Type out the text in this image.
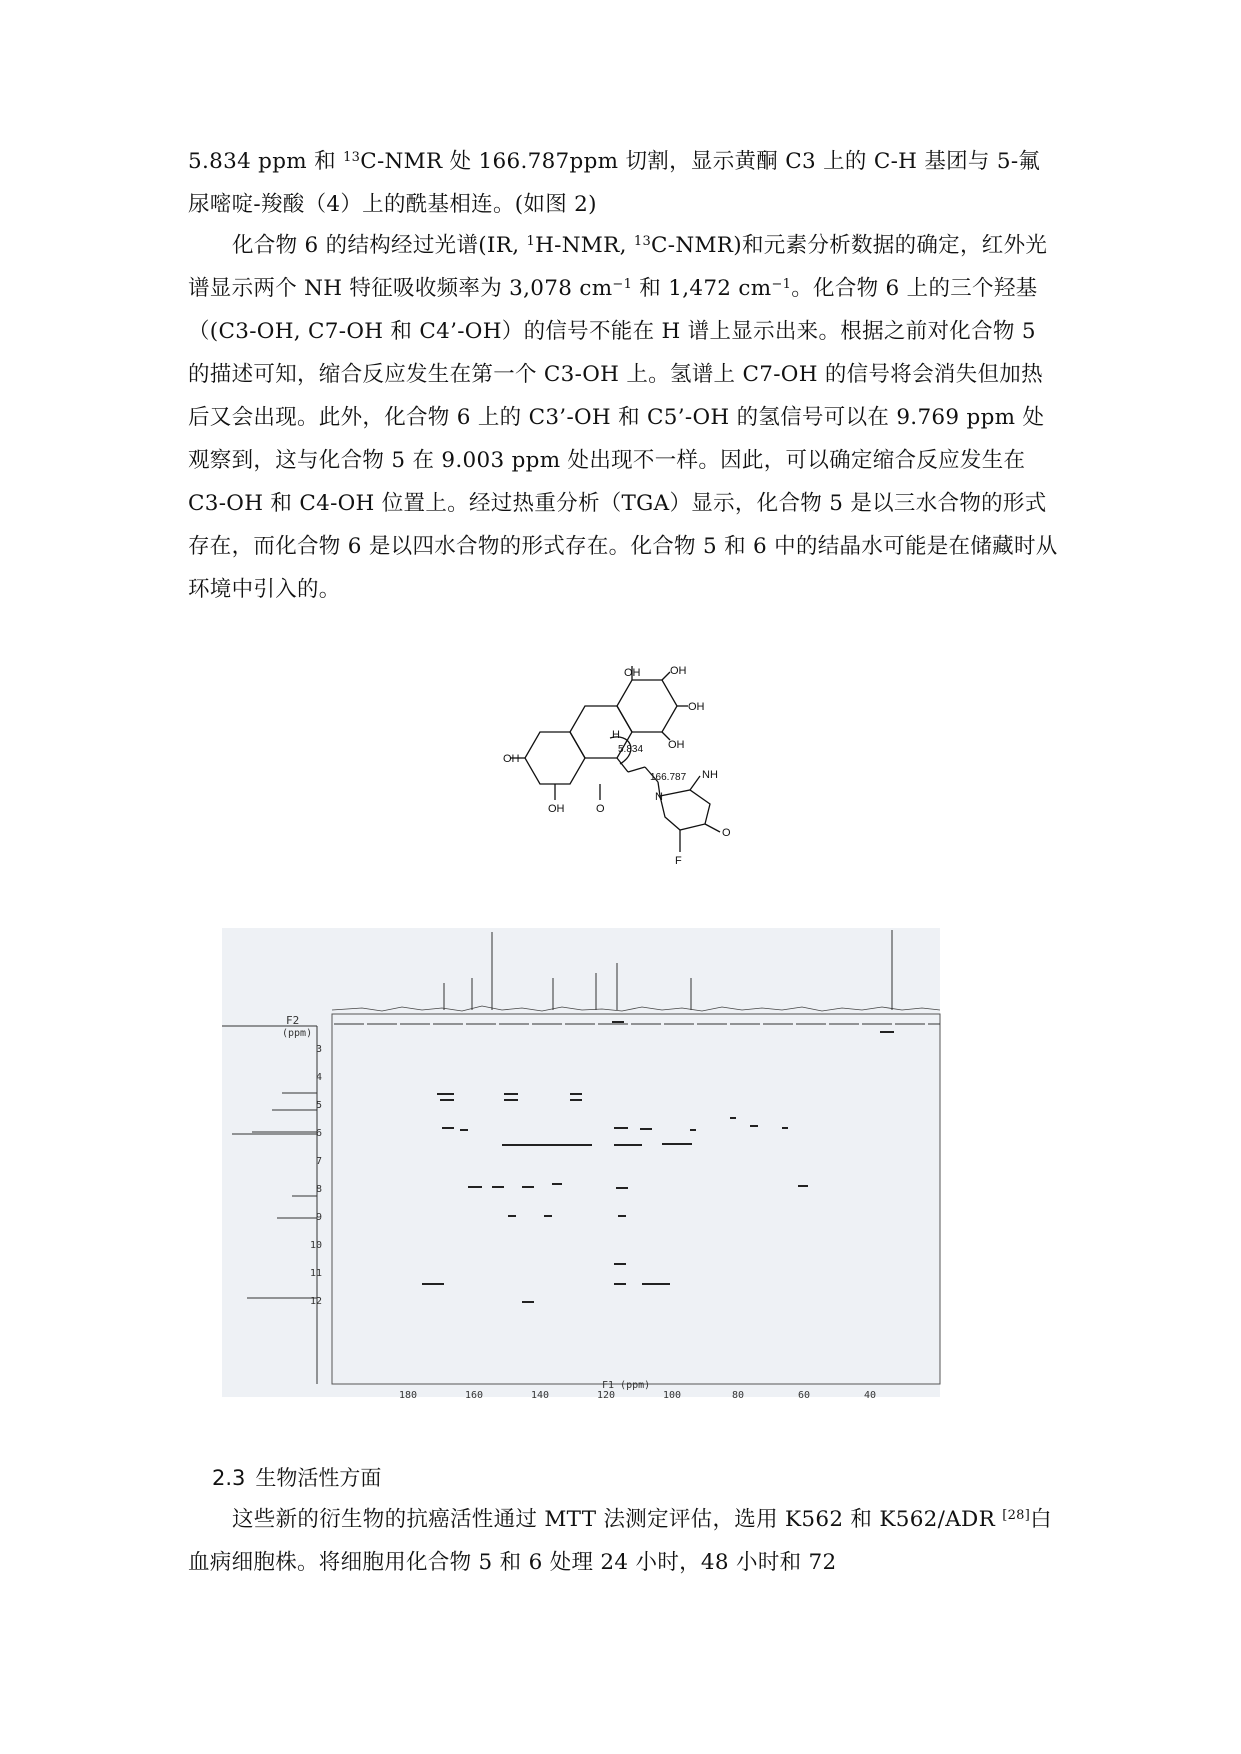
5.834 ppm 和 $^{13}$C-NMR 处 166.787ppm 切割，显示黄酮 C3 上的 C-H 基团与 5-氟尿嘧啶-羧酸（4）上的酰基相连。(如图 2)

化合物 6 的结构经过光谱(IR, $^1$H-NMR, $^{13}$C-NMR)和元素分析数据的确定，红外光谱显示两个 NH 特征吸收频率为 3,078 $cm^{-1}$ 和 1,472 $cm^{-1}$。化合物 6 上的三个羟基（(C3-OH, C7-OH 和 C4’-OH）的信号不能在 H 谱上显示出来。根据之前对化合物 5 的描述可知，缩合反应发生在第一个 C3-OH 上。氢谱上 C7-OH 的信号将会消失但加热后又会出现。此外，化合物 6 上的 C3’-OH 和 C5’-OH 的氢信号可以在 9.769 ppm 处观察到，这与化合物 5 在 9.003 ppm 处出现不一样。因此，可以确定缩合反应发生在 C3-OH 和 C4-OH 位置上。经过热重分析（TGA）显示，化合物 5 是以三水合物的形式存在，而化合物 6 是以四水合物的形式存在。化合物 5 和 6 中的结晶水可能是在储藏时从环境中引入的。

OH
OH	O
OH	OH
OH
OH
H
5.834
166.787 NH
O
F
N
F2
(ppm)
3
4
5
6
7
8
9
10
11
12
180	160	140	120	100	80	60	40
F1 (ppm)
2.3 生物活性方面

这些新的衍生物的抗癌活性通过 MTT 法测定评估，选用 K562 和 K562/ADR [28]白血病细胞株。将细胞用化合物 5 和 6 处理 24 小时，48 小时和 72
